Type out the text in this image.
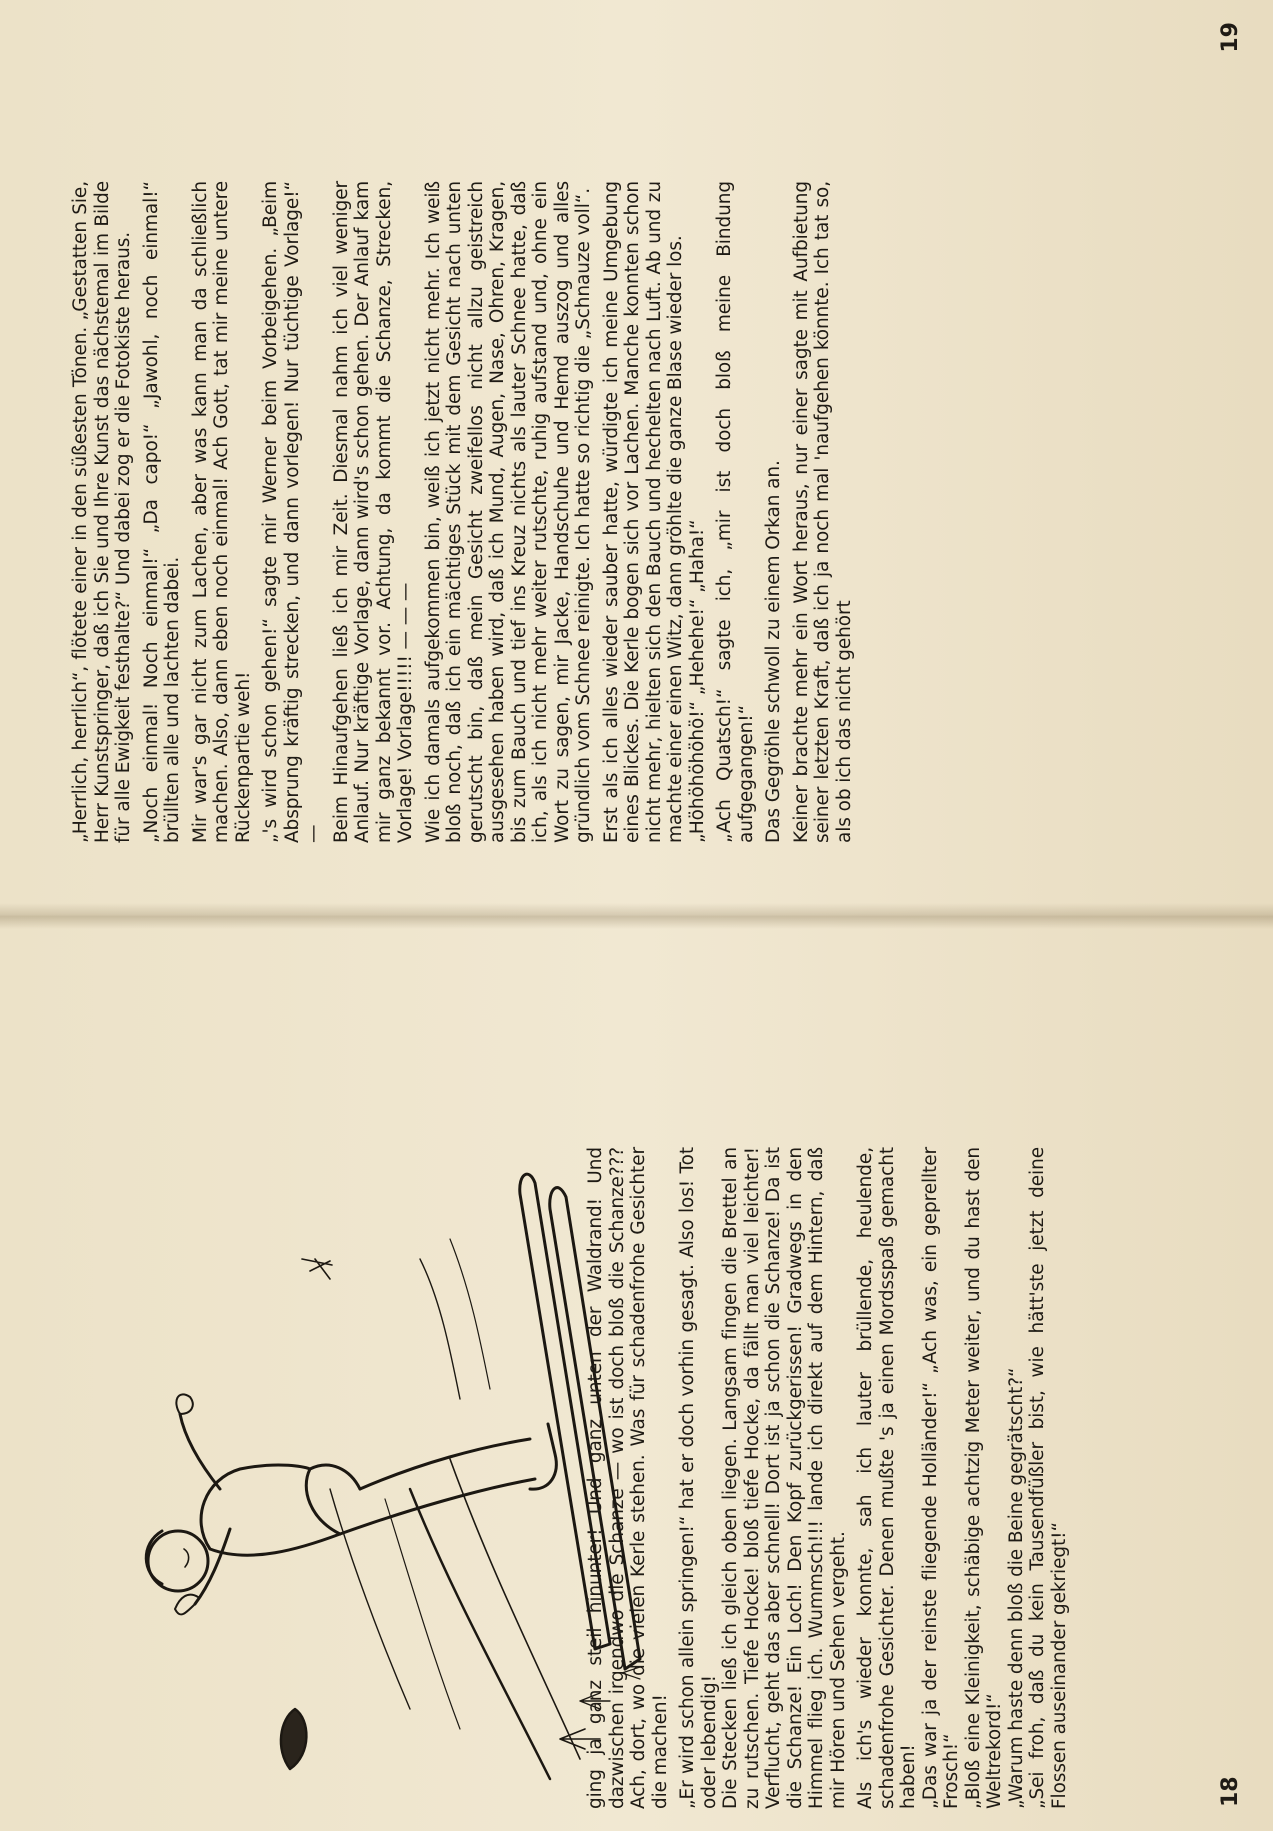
ging ja ganz steil hinunter! Und ganz unten der Waldrand! Und dazwischen irgendwo die Schanze — wo ist doch bloß die Schanze??? Ach, dort, wo die vielen Kerle stehen. Was für schadenfrohe Gesichter die machen! „Er wird schon allein springen!“ hat er doch vorhin gesagt. Also los! Tot oder lebendig! Die Stecken ließ ich gleich oben liegen. Langsam fingen die Brettel an zu rutschen. Tiefe Hocke! bloß tiefe Hocke, da fällt man viel leichter! Verflucht, geht das aber schnell! Dort ist ja schon die Schanze! Da ist die Schanze! Ein Loch! Den Kopf zurückgerissen! Gradwegs in den Himmel flieg ich. Wummsch!!! lande ich direkt auf dem Hintern, daß mir Hören und Sehen vergeht. Als ich's wieder konnte, sah ich lauter brüllende, heulende, schadenfrohe Gesichter. Denen mußte 's ja einen Mordsspaß gemacht haben! „Das war ja der reinste fliegende Holländer!“ „Ach was, ein geprellter Frosch!“ „Bloß eine Kleinigkeit, schäbige achtzig Meter weiter, und du hast den Weltrekord!“ „Warum haste denn bloß die Beine gegrätscht?“ „Sei froh, daß du kein Tausendfüßler bist, wie hätt'ste jetzt deine Flossen auseinander gekriegt!“	18

„Herrlich, herrlich“, flötete einer in den süßesten Tönen. „Gestatten Sie, Herr Kunstspringer, daß ich Sie und Ihre Kunst das nächstemal im Bilde für alle Ewigkeit festhalte?“ Und dabei zog er die Fotokiste heraus. „Noch einmal! Noch einmal!“ „Da capo!“ „Jawohl, noch einmal!“ brüllten alle und lachten dabei. Mir war's gar nicht zum Lachen, aber was kann man da schließlich machen. Also, dann eben noch einmal! Ach Gott, tat mir meine untere Rückenpartie weh! „'s wird schon gehen!“ sagte mir Werner beim Vorbeigehen. „Beim Absprung kräftig strecken, und dann vorlegen! Nur tüchtige Vorlage!“ — Beim Hinaufgehen ließ ich mir Zeit. Diesmal nahm ich viel weniger Anlauf. Nur kräftige Vorlage, dann wird's schon gehen. Der Anlauf kam mir ganz bekannt vor. Achtung, da kommt die Schanze, Strecken, Vorlage! Vorlage!!!!! — — — Wie ich damals aufgekommen bin, weiß ich jetzt nicht mehr. Ich weiß bloß noch, daß ich ein mächtiges Stück mit dem Gesicht nach unten gerutscht bin, daß mein Gesicht zweifellos nicht allzu geistreich ausgesehen haben wird, daß ich Mund, Augen, Nase, Ohren, Kragen, bis zum Bauch und tief ins Kreuz nichts als lauter Schnee hatte, daß ich, als ich nicht mehr weiter rutschte, ruhig aufstand und, ohne ein Wort zu sagen, mir Jacke, Handschuhe und Hemd auszog und alles gründlich vom Schnee reinigte. Ich hatte so richtig die „Schnauze voll“. Erst als ich alles wieder sauber hatte, würdigte ich meine Umgebung eines Blickes. Die Kerle bogen sich vor Lachen. Manche konnten schon nicht mehr, hielten sich den Bauch und hechelten nach Luft. Ab und zu machte einer einen Witz, dann gröhlte die ganze Blase wieder los. „Höhöhöhöhö!“ „Hehehe!“ „Haha!“ „Ach Quatsch!“ sagte ich, „mir ist doch bloß meine Bindung aufgegangen!“ Das Gegröhle schwoll zu einem Orkan an. Keiner brachte mehr ein Wort heraus, nur einer sagte mit Aufbietung seiner letzten Kraft, daß ich ja noch mal 'naufgehen könnte. Ich tat so, als ob ich das nicht gehört

19
